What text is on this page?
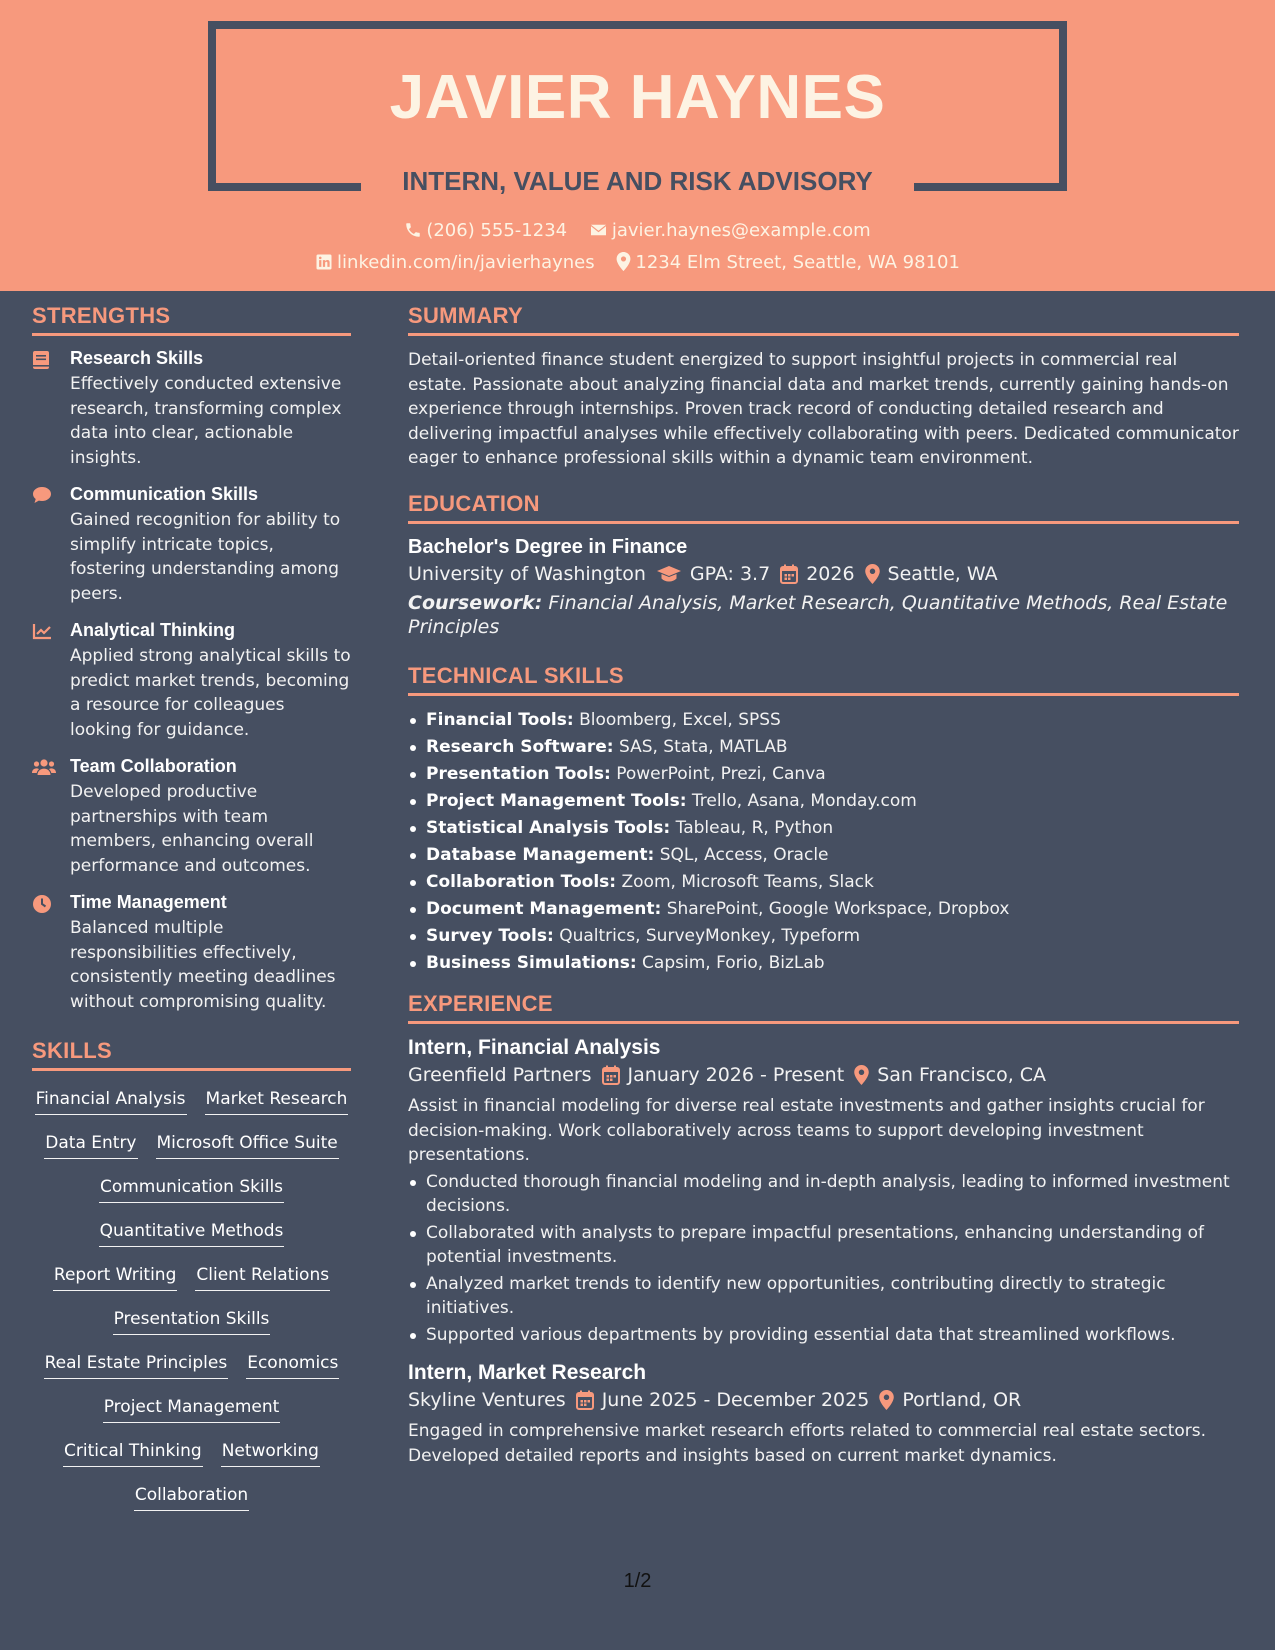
JAVIER HAYNES
INTERN, VALUE AND RISK ADVISORY
(206) 555-1234 javier.haynes@example.com
linkedin.com/in/javierhaynes 1234 Elm Street, Seattle, WA 98101
STRENGTHS
Research Skills
Effectively conducted extensive research, transforming complex data into clear, actionable insights.
Communication Skills
Gained recognition for ability to simplify intricate topics, fostering understanding among peers.
Analytical Thinking
Applied strong analytical skills to predict market trends, becoming a resource for colleagues looking for guidance.
Team Collaboration
Developed productive partnerships with team members, enhancing overall performance and outcomes.
Time Management
Balanced multiple responsibilities effectively, consistently meeting deadlines without compromising quality.
SKILLS
Financial Analysis Market Research
Data Entry Microsoft Office Suite
Communication Skills
Quantitative Methods
Report Writing Client Relations
Presentation Skills
Real Estate Principles Economics
Project Management
Critical Thinking Networking
Collaboration
SUMMARY
Detail-oriented finance student energized to support insightful projects in commercial real estate. Passionate about analyzing financial data and market trends, currently gaining hands-on experience through internships. Proven track record of conducting detailed research and delivering impactful analyses while effectively collaborating with peers. Dedicated communicator eager to enhance professional skills within a dynamic team environment.
EDUCATION
Bachelor's Degree in Finance
University of Washington GPA: 3.7 2026 Seattle, WA
Coursework: Financial Analysis, Market Research, Quantitative Methods, Real Estate Principles
TECHNICAL SKILLS
Financial Tools: Bloomberg, Excel, SPSS
Research Software: SAS, Stata, MATLAB
Presentation Tools: PowerPoint, Prezi, Canva
Project Management Tools: Trello, Asana, Monday.com
Statistical Analysis Tools: Tableau, R, Python
Database Management: SQL, Access, Oracle
Collaboration Tools: Zoom, Microsoft Teams, Slack
Document Management: SharePoint, Google Workspace, Dropbox
Survey Tools: Qualtrics, SurveyMonkey, Typeform
Business Simulations: Capsim, Forio, BizLab
EXPERIENCE
Intern, Financial Analysis
Greenfield Partners January 2026 - Present San Francisco, CA
Assist in financial modeling for diverse real estate investments and gather insights crucial for decision-making. Work collaboratively across teams to support developing investment presentations.
Conducted thorough financial modeling and in-depth analysis, leading to informed investment decisions.
Collaborated with analysts to prepare impactful presentations, enhancing understanding of potential investments.
Analyzed market trends to identify new opportunities, contributing directly to strategic initiatives.
Supported various departments by providing essential data that streamlined workflows.
Intern, Market Research
Skyline Ventures June 2025 - December 2025 Portland, OR
Engaged in comprehensive market research efforts related to commercial real estate sectors. Developed detailed reports and insights based on current market dynamics.
1/2
